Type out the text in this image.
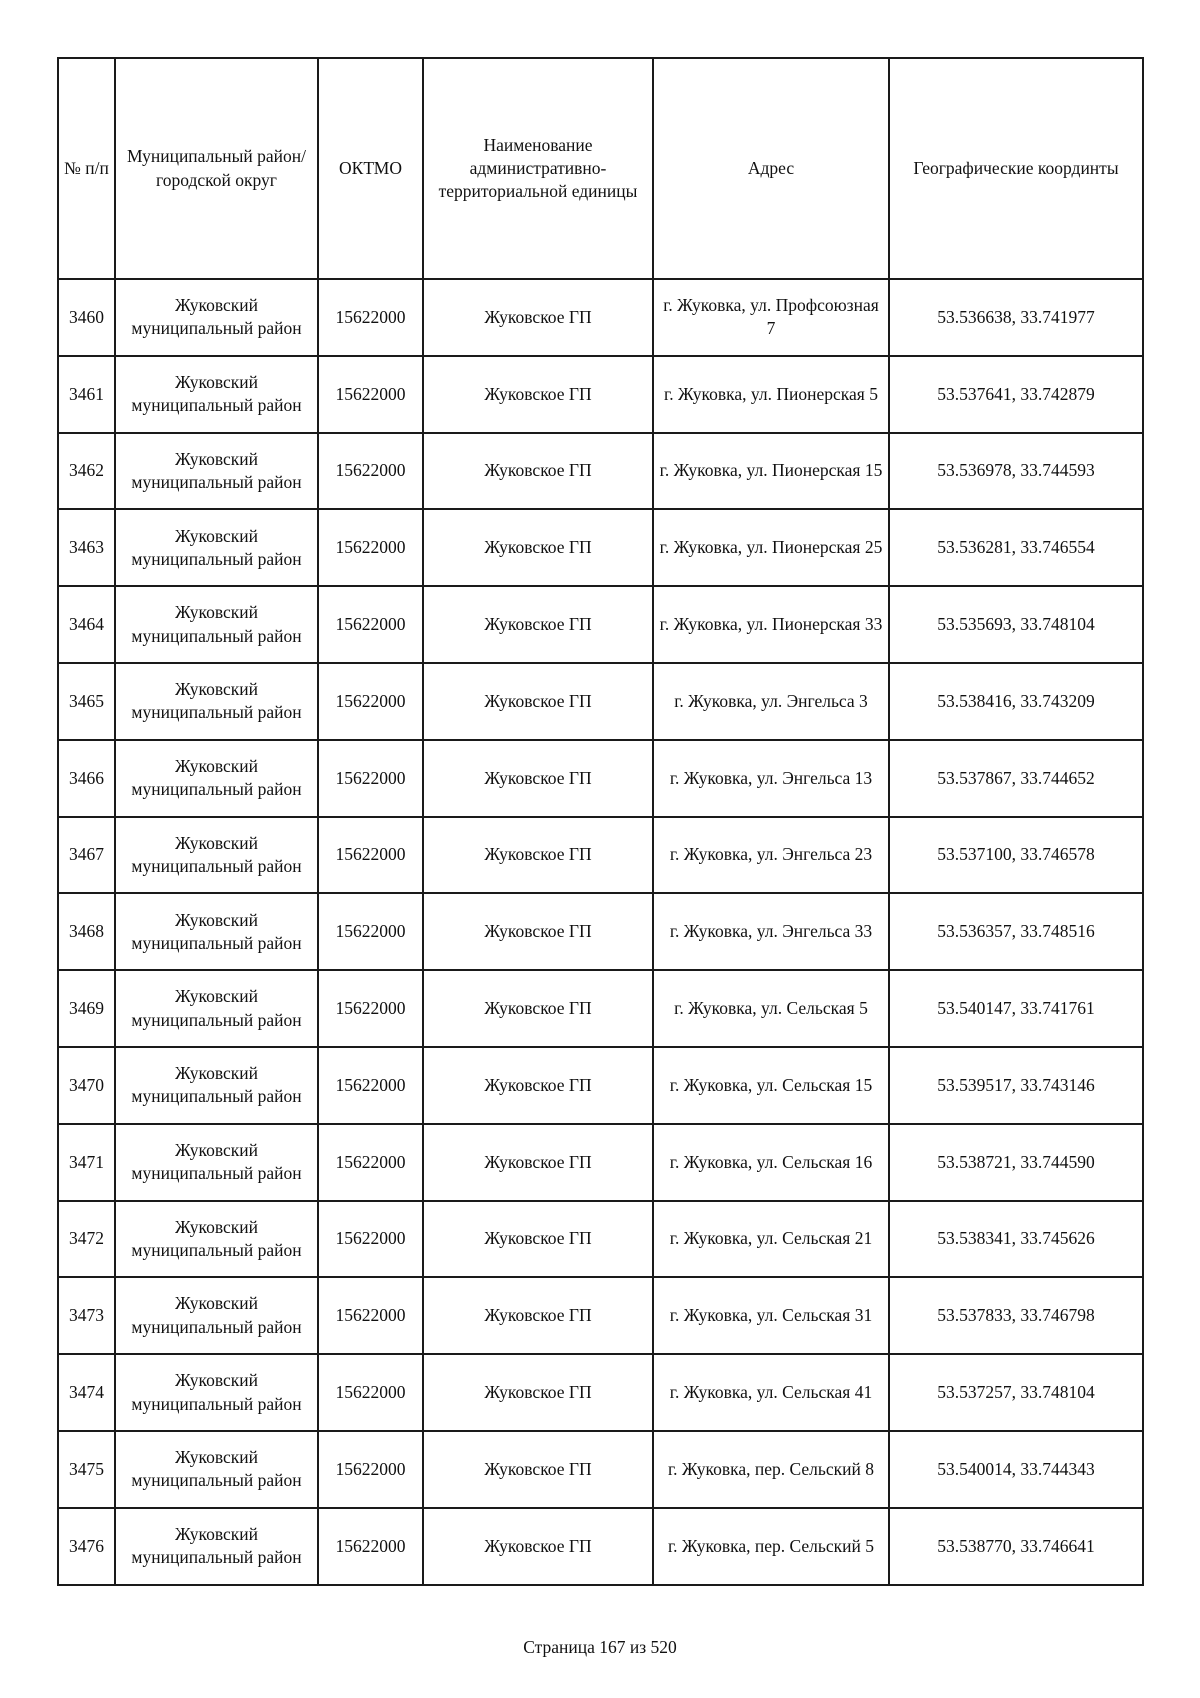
№ п/п	Муниципальный район/городской округ	ОКТМО	Наименование административно-территориальной единицы	Адрес	Географические координты
3460	Жуковский муниципальный район	15622000	Жуковское ГП	г. Жуковка, ул. Профсоюзная 7	53.536638, 33.741977
3461	Жуковский муниципальный район	15622000	Жуковское ГП	г. Жуковка, ул. Пионерская 5	53.537641, 33.742879
3462	Жуковский муниципальный район	15622000	Жуковское ГП	г. Жуковка, ул. Пионерская 15	53.536978, 33.744593
3463	Жуковский муниципальный район	15622000	Жуковское ГП	г. Жуковка, ул. Пионерская 25	53.536281, 33.746554
3464	Жуковский муниципальный район	15622000	Жуковское ГП	г. Жуковка, ул. Пионерская 33	53.535693, 33.748104
3465	Жуковский муниципальный район	15622000	Жуковское ГП	г. Жуковка, ул. Энгельса 3	53.538416, 33.743209
3466	Жуковский муниципальный район	15622000	Жуковское ГП	г. Жуковка, ул. Энгельса 13	53.537867, 33.744652
3467	Жуковский муниципальный район	15622000	Жуковское ГП	г. Жуковка, ул. Энгельса 23	53.537100, 33.746578
3468	Жуковский муниципальный район	15622000	Жуковское ГП	г. Жуковка, ул. Энгельса 33	53.536357, 33.748516
3469	Жуковский муниципальный район	15622000	Жуковское ГП	г. Жуковка, ул. Сельская 5	53.540147, 33.741761
3470	Жуковский муниципальный район	15622000	Жуковское ГП	г. Жуковка, ул. Сельская 15	53.539517, 33.743146
3471	Жуковский муниципальный район	15622000	Жуковское ГП	г. Жуковка, ул. Сельская 16	53.538721, 33.744590
3472	Жуковский муниципальный район	15622000	Жуковское ГП	г. Жуковка, ул. Сельская 21	53.538341, 33.745626
3473	Жуковский муниципальный район	15622000	Жуковское ГП	г. Жуковка, ул. Сельская 31	53.537833, 33.746798
3474	Жуковский муниципальный район	15622000	Жуковское ГП	г. Жуковка, ул. Сельская 41	53.537257, 33.748104
3475	Жуковский муниципальный район	15622000	Жуковское ГП	г. Жуковка, пер. Сельский 8	53.540014, 33.744343
3476	Жуковский муниципальный район	15622000	Жуковское ГП	г. Жуковка, пер. Сельский 5	53.538770, 33.746641
Страница 167 из 520
